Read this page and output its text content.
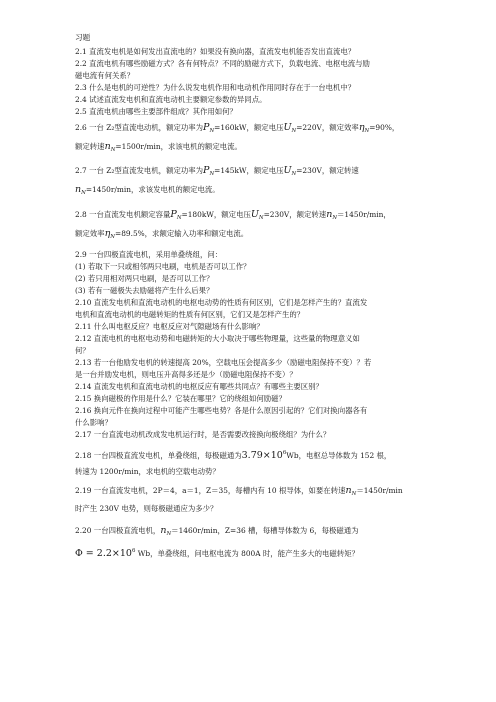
习题
2.1 直流发电机是如何发出直流电的？如果没有换向器，直流发电机能否发出直流电？
2.2 直流电机有哪些励磁方式？各有何特点？不同的励磁方式下，负载电流、电枢电流与励
磁电流有何关系？
2.3 什么是电机的可逆性？为什么说发电机作用和电动机作用同时存在于一台电机中？
2.4 试述直流发电机和直流电动机主要额定参数的异同点。
2.5 直流电机由哪些主要部件组成？其作用如何？
2.6 一台 Z₂型直流电动机，额定功率为$P_N=160kW$，额定电压$U_N=220V$，额定效率$\eta_N=90\%$，
额定转速$n_N=1500r/\min$，求该电机的额定电流。
2.7 一台 Z₂型直流发电机，额定功率为$P_N=145kW$，额定电压$U_N=230V$，额定转速
$n_N=1450r/\min$，求该发电机的额定电流。
2.8 一台直流发电机额定容量$P_N=180kW$，额定电压$U_N=230V$，额定转速$n_N=1450r/\min$，
额定效率$\eta_N=89.5\%$，求额定输入功率和额定电流。
2.9 一台四极直流电机，采用单叠绕组，问：
(1) 若取下一只或相邻两只电刷，电机是否可以工作？
(2) 若只用相对两只电刷，是否可以工作？
(3) 若有一磁极失去励磁将产生什么后果？
2.10 直流发电机和直流电动机的电枢电动势的性质有何区别，它们是怎样产生的？直流发
电机和直流电动机的电磁转矩的性质有何区别，它们又是怎样产生的？
2.11 什么叫电枢反应？电枢反应对气隙磁场有什么影响？
2.12 直流电机的电枢电动势和电磁转矩的大小取决于哪些物理量，这些量的物理意义如
何？
2.13 若一台他励发电机的转速提高 20%，空载电压会提高多少（励磁电阻保持不变）？若
是一台并励发电机，则电压升高得多还是少（励磁电阻保持不变）？
2.14 直流发电机和直流电动机的电枢反应有哪些共同点？有哪些主要区别？
2.15 换向磁极的作用是什么？它装在哪里？它的绕组如何励磁？
2.16 换向元件在换向过程中可能产生哪些电势？各是什么原因引起的？它们对换向器各有
什么影响？
2.17 一台直流电动机改成发电机运行时，是否需要改接换向极绕组？为什么？
2.18 一台四极直流发电机，单叠绕组，每极磁通为$3.79\times 10^6Wb$，电枢总导体数为 152 根，
转速为 1200r/min，求电机的空载电动势？
2.19 一台直流发电机，2P＝4，a＝1，Z＝35，每槽内有 10 根导体，如要在转速$n_N=1450r/\min$
时产生 230V 电势，则每极磁通应为多少？
2.20 一台四极直流电机，$n_N=1460r/\min$，Z=36 槽，每槽导体数为 6，每极磁通为
$\Phi = 2.2\times 10^6$ Wb，单叠绕组，问电枢电流为 800A 时，能产生多大的电磁转矩？
